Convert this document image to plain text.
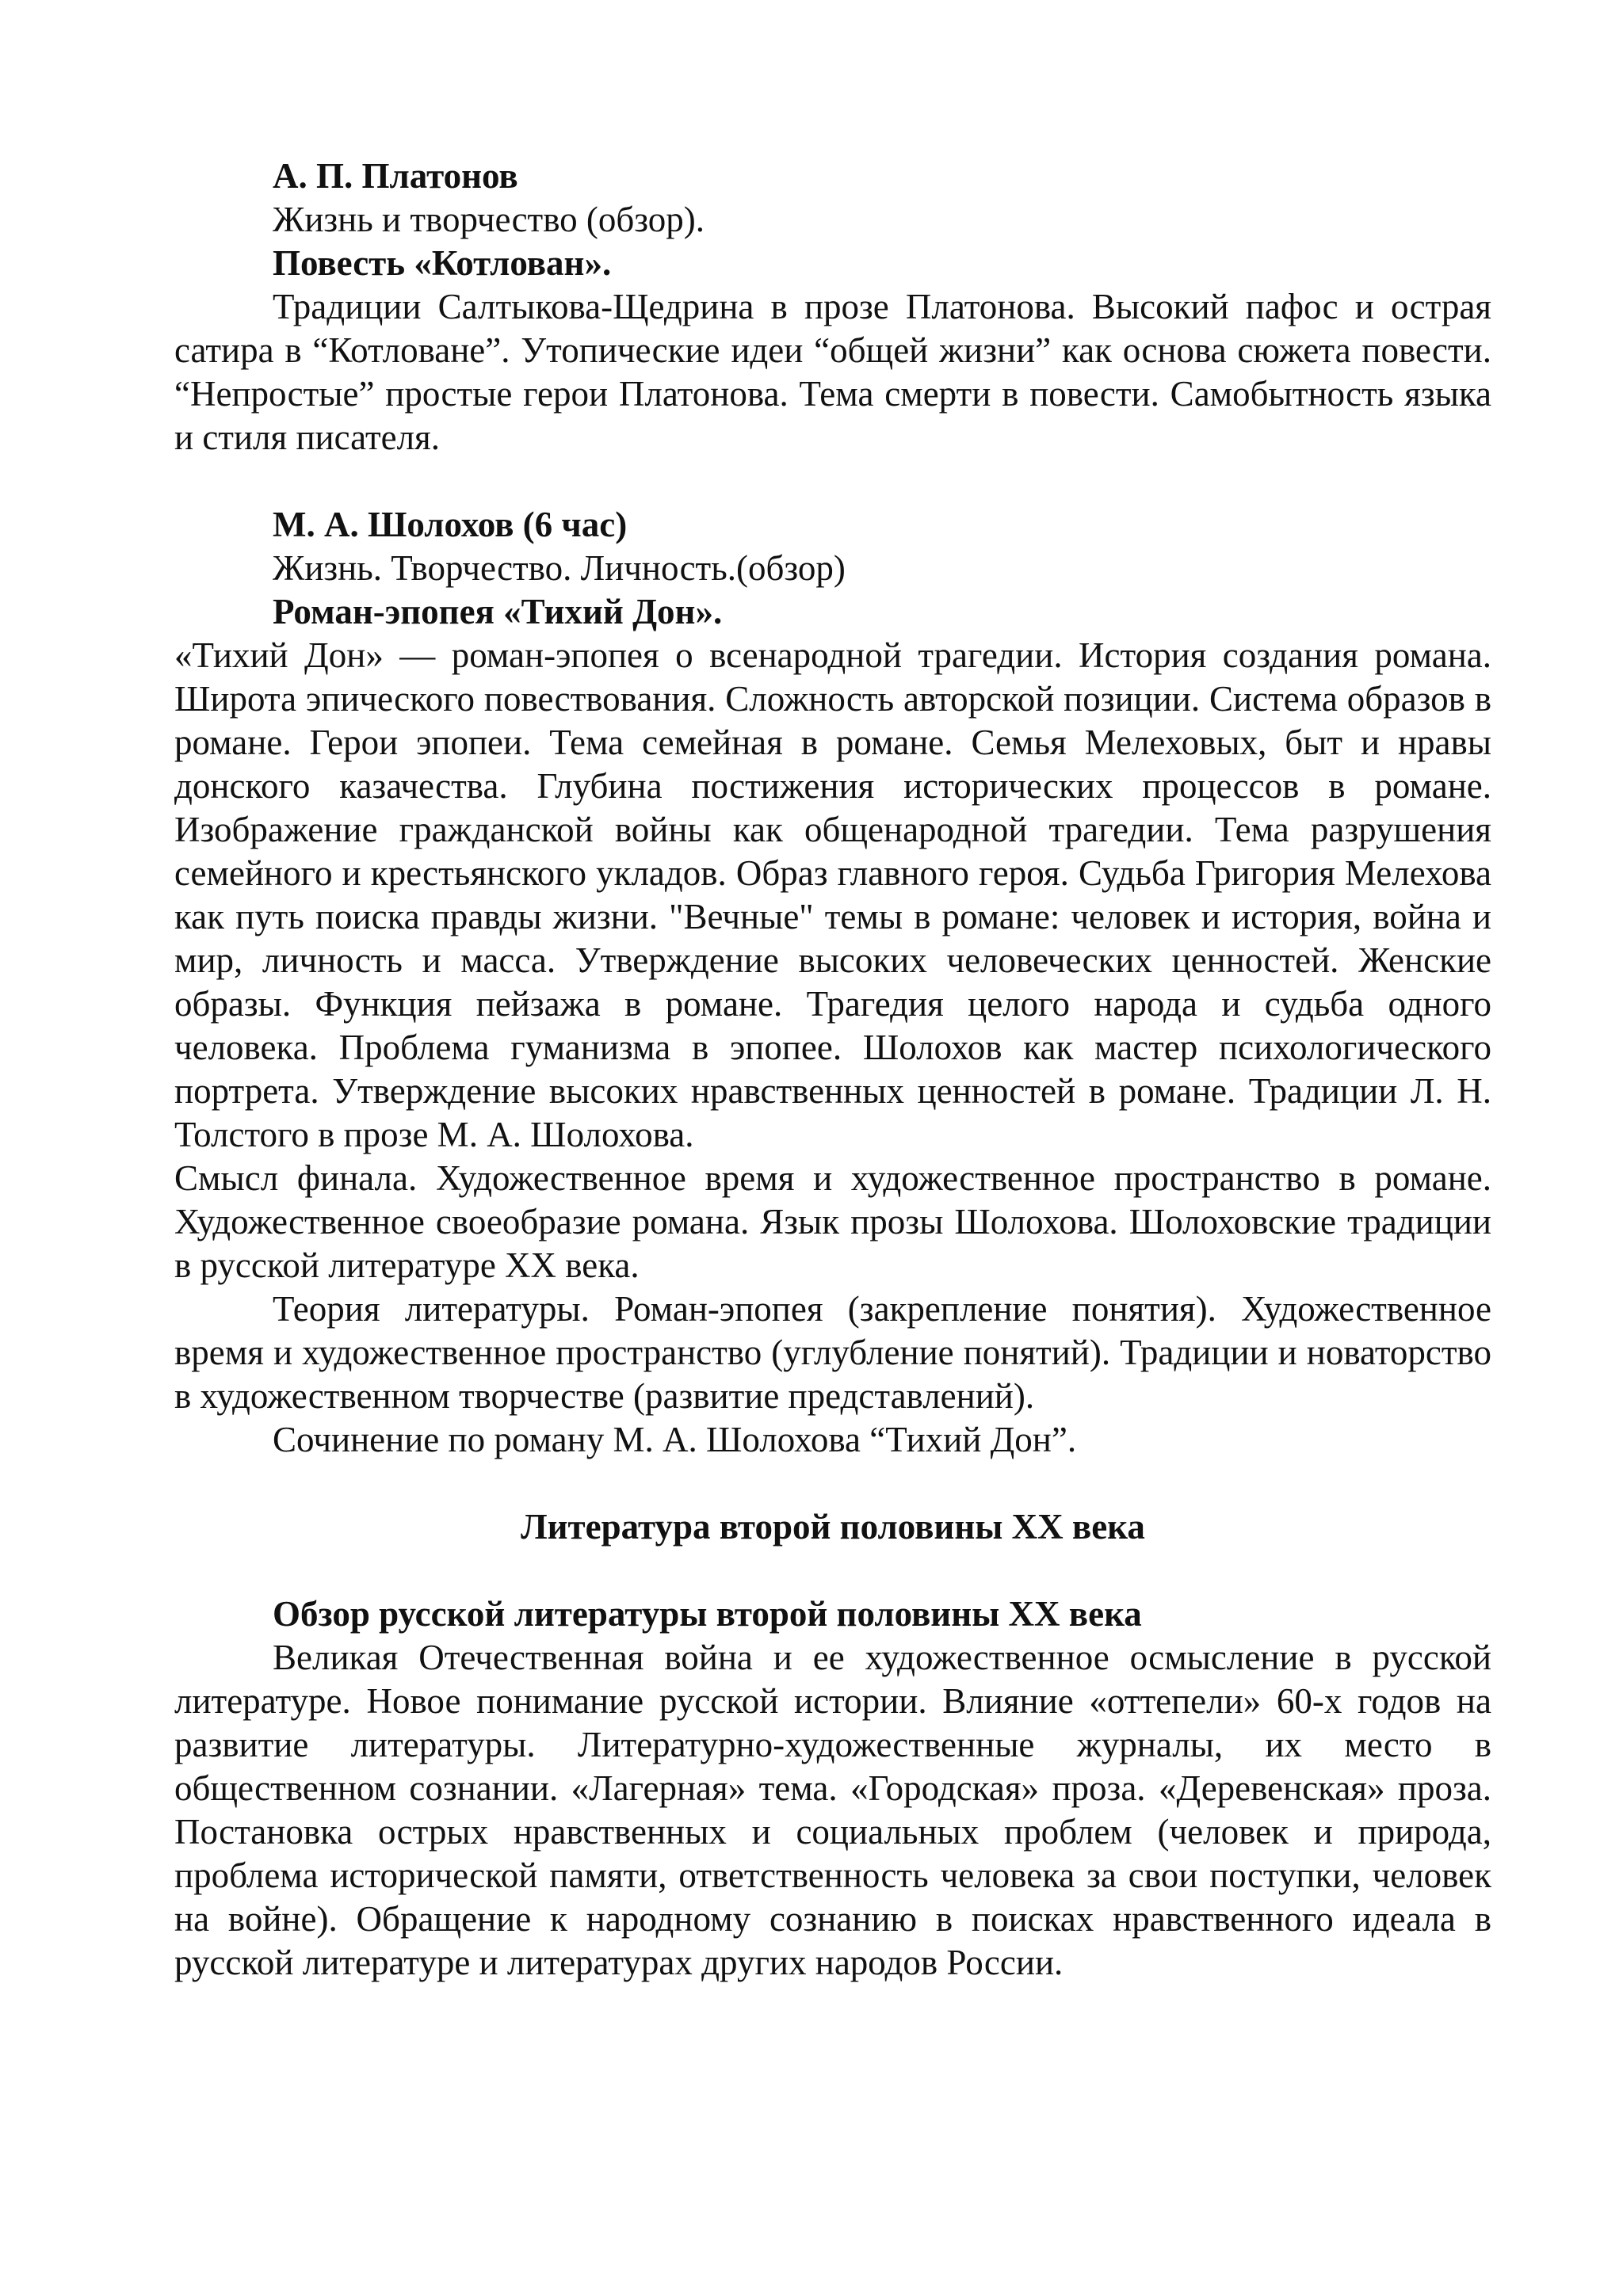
А. П. Платонов

Жизнь и творчество (обзор).

Повесть «Котлован».

Традиции Салтыкова-Щедрина в прозе Платонова. Высокий пафос и острая сатира в “Котловане”. Утопические идеи “общей жизни” как основа сюжета повести. “Непростые” простые герои Платонова. Тема смерти в повести. Самобытность языка и стиля писателя.

М. А. Шолохов (6 час)

Жизнь. Творчество. Личность.(обзор)

Роман-эпопея «Тихий Дон».

«Тихий Дон» — роман-эпопея о всенародной трагедии. История создания романа. Широта эпического повествования. Сложность авторской позиции. Система образов в романе. Герои эпопеи. Тема семейная в романе. Семья Мелеховых, быт и нравы донского казачества. Глубина постижения исторических процессов в романе. Изображение гражданской войны как общенародной трагедии. Тема разрушения семейного и крестьянского укладов. Образ главного героя. Судьба Григория Мелехова как путь поиска правды жизни. "Вечные" темы в романе: человек и история, война и мир, личность и масса. Утверждение высоких человеческих ценностей. Женские образы. Функция пейзажа в романе. Трагедия целого народа и судьба одного человека. Проблема гуманизма в эпопее. Шолохов как мастер психологического портрета. Утверждение высоких нравственных ценностей в романе. Традиции Л. Н. Толстого в прозе М. А. Шолохова.

Смысл финала. Художественное время и художественное пространство в романе. Художественное своеобразие романа. Язык прозы Шолохова. Шолоховские традиции в русской литературе XX века.

Теория литературы. Роман-эпопея (закрепление понятия). Художественное время и художественное пространство (углубление понятий). Традиции и новаторство в художественном творчестве (развитие представлений).

Сочинение по роману М. А. Шолохова “Тихий Дон”.

Литература второй половины XX века

Обзор русской литературы второй половины XX века

Великая Отечественная война и ее художественное осмысление в русской литературе. Новое понимание русской истории. Влияние «оттепели» 60-х годов на развитие литературы. Литературно-художественные журналы, их место в общественном сознании. «Лагерная» тема. «Городская» проза. «Деревенская» проза. Постановка острых нравственных и социальных проблем (человек и природа, проблема исторической памяти, ответственность человека за свои поступки, человек на войне). Обращение к народному сознанию в поисках нравственного идеала в русской литературе и литературах других народов России.
